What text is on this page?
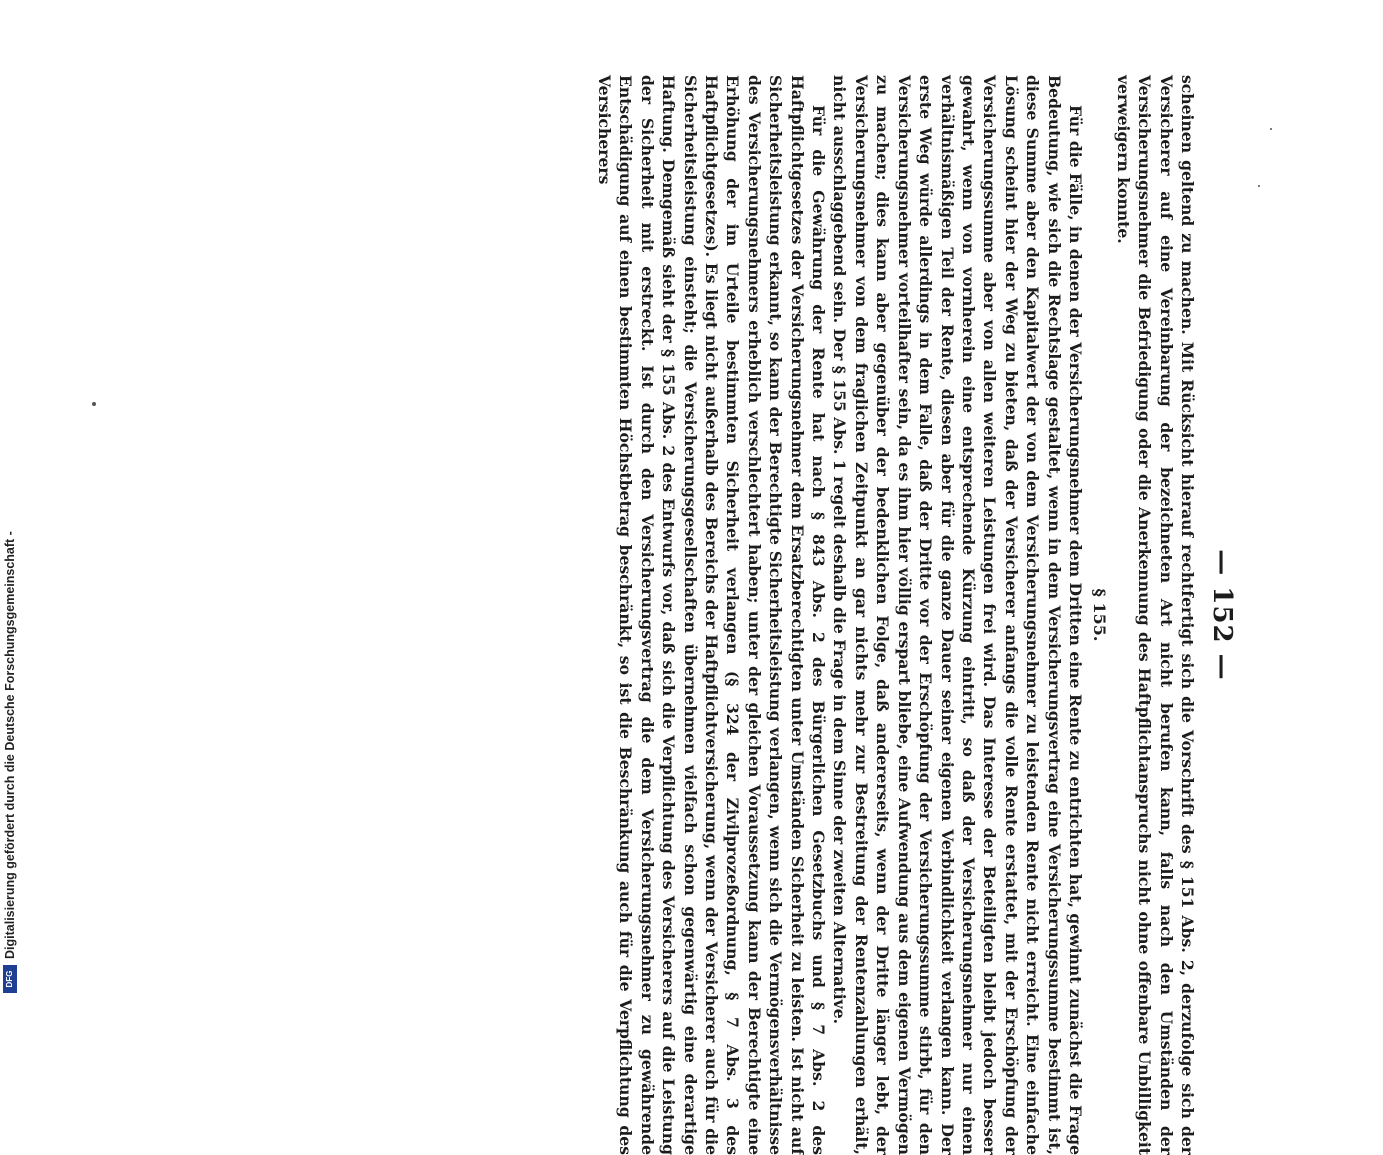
— 152 —

scheinen geltend zu machen. Mit Rücksicht hierauf rechtfertigt sich die Vorschrift des § 151 Abs. 2, derzufolge sich der Versicherer auf eine Vereinbarung der bezeichneten Art nicht berufen kann, falls nach den Umständen der Versicherungsnehmer die Befriedigung oder die Anerkennung des Haftpflichtanspruchs nicht ohne offenbare Unbilligkeit verweigern konnte.

§ 155.

Für die Fälle, in denen der Versicherungsnehmer dem Dritten eine Rente zu entrichten hat, gewinnt zunächst die Frage Bedeutung, wie sich die Rechtslage gestaltet, wenn in dem Versicherungsvertrag eine Versicherungssumme bestimmt ist, diese Summe aber den Kapitalwert der von dem Versicherungsnehmer zu leistenden Rente nicht erreicht. Eine einfache Lösung scheint hier der Weg zu bieten, daß der Versicherer anfangs die volle Rente erstattet, mit der Erschöpfung der Versicherungssumme aber von allen weiteren Leistungen frei wird. Das Interesse der Beteiligten bleibt jedoch besser gewahrt, wenn von vornherein eine entsprechende Kürzung eintritt, so daß der Versicherungsnehmer nur einen verhältnismäßigen Teil der Rente, diesen aber für die ganze Dauer seiner eigenen Verbindlichkeit verlangen kann. Der erste Weg würde allerdings in dem Falle, daß der Dritte vor der Erschöpfung der Versicherungssumme stirbt, für den Versicherungsnehmer vorteilhafter sein, da es ihm hier völlig erspart bliebe, eine Aufwendung aus dem eigenen Vermögen zu machen; dies kann aber gegenüber der bedenklichen Folge, daß andererseits, wenn der Dritte länger lebt, der Versicherungsnehmer von dem fraglichen Zeitpunkt an gar nichts mehr zur Bestreitung der Rentenzahlungen erhält, nicht ausschlaggebend sein. Der § 155 Abs. 1 regelt deshalb die Frage in dem Sinne der zweiten Alternative.

Für die Gewährung der Rente hat nach § 843 Abs. 2 des Bürgerlichen Gesetzbuchs und § 7 Abs. 2 des Haftpflichtgesetzes der Versicherungsnehmer dem Ersatzberechtigten unter Umständen Sicherheit zu leisten. Ist nicht auf Sicherheitsleistung erkannt, so kann der Berechtigte Sicherheitsleistung verlangen, wenn sich die Vermögensverhältnisse des Versicherungsnehmers erheblich verschlechtert haben; unter der gleichen Voraussetzung kann der Berechtigte eine Erhöhung der im Urteile bestimmten Sicherheit verlangen (§ 324 der Zivilprozeßordnung, § 7 Abs. 3 des Haftpflichtgesetzes). Es liegt nicht außerhalb des Bereichs der Haftpflichtversicherung, wenn der Versicherer auch für die Sicherheitsleistung einsteht; die Versicherungsgesellschaften übernehmen vielfach schon gegenwärtig eine derartige Haftung. Demgemäß sieht der § 155 Abs. 2 des Entwurfs vor, daß sich die Verpflichtung des Versicherers auf die Leistung der Sicherheit mit erstreckt. Ist durch den Versicherungsvertrag die dem Versicherungsnehmer zu gewährende Entschädigung auf einen bestimmten Höchstbetrag beschränkt, so ist die Beschränkung auch für die Verpflichtung des Versicherers

DFG
Digitalisierung gefördert durch die Deutsche Forschungsgemeinschaft -
